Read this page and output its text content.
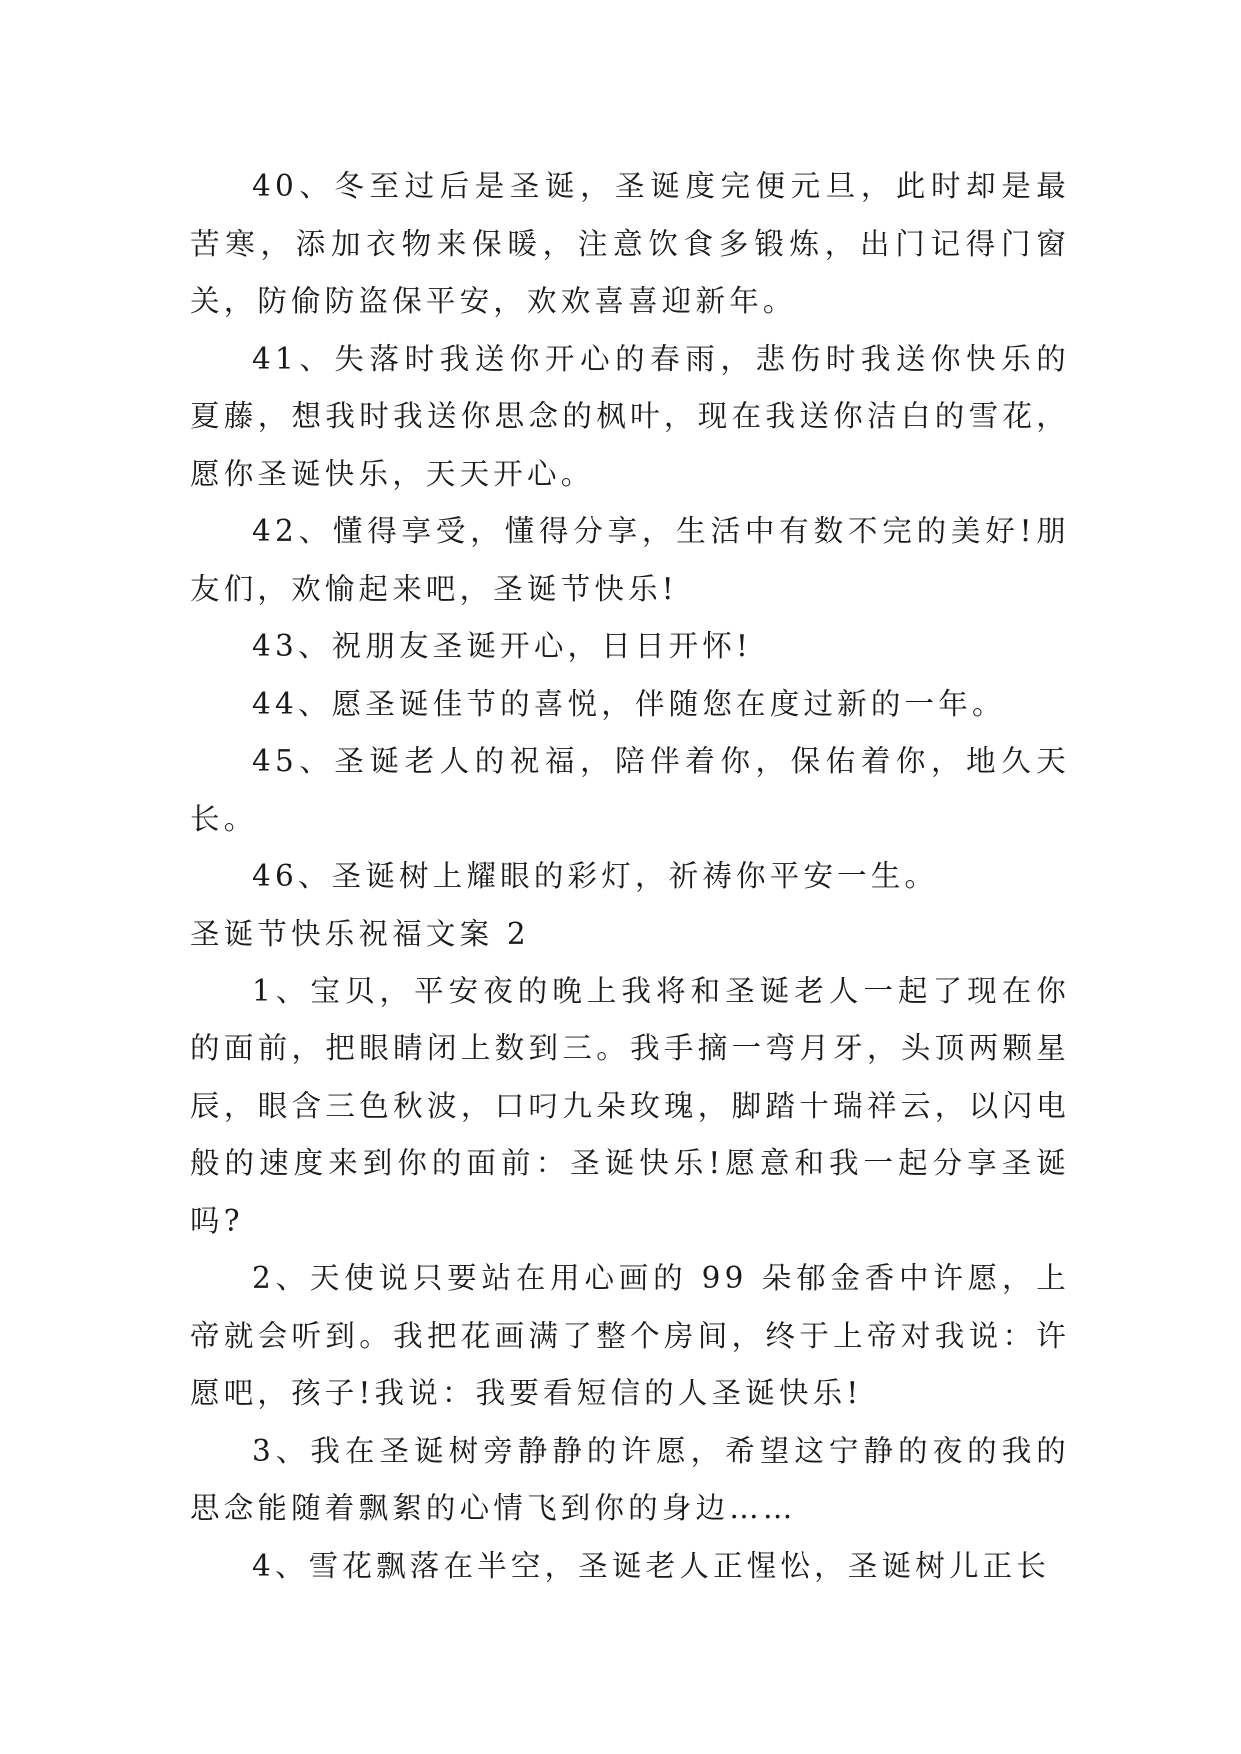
40、冬至过后是圣诞，圣诞度完便元旦，此时却是最苦寒，添加衣物来保暖，注意饮食多锻炼，出门记得门窗关，防偷防盗保平安，欢欢喜喜迎新年。

41、失落时我送你开心的春雨，悲伤时我送你快乐的夏藤，想我时我送你思念的枫叶，现在我送你洁白的雪花，愿你圣诞快乐，天天开心。

42、懂得享受，懂得分享，生活中有数不完的美好!朋友们，欢愉起来吧，圣诞节快乐!

43、祝朋友圣诞开心，日日开怀!

44、愿圣诞佳节的喜悦，伴随您在度过新的一年。

45、圣诞老人的祝福，陪伴着你，保佑着你，地久天长。

46、圣诞树上耀眼的彩灯，祈祷你平安一生。

圣诞节快乐祝福文案 2

1、宝贝，平安夜的晚上我将和圣诞老人一起了现在你的面前，把眼睛闭上数到三。我手摘一弯月牙，头顶两颗星辰，眼含三色秋波，口叼九朵玫瑰，脚踏十瑞祥云，以闪电般的速度来到你的面前：圣诞快乐!愿意和我一起分享圣诞吗?

2、天使说只要站在用心画的 99 朵郁金香中许愿，上帝就会听到。我把花画满了整个房间，终于上帝对我说：许愿吧，孩子!我说：我要看短信的人圣诞快乐!

3、我在圣诞树旁静静的许愿，希望这宁静的夜的我的思念能随着飘絮的心情飞到你的身边……

4、雪花飘落在半空，圣诞老人正惺忪，圣诞树儿正长
